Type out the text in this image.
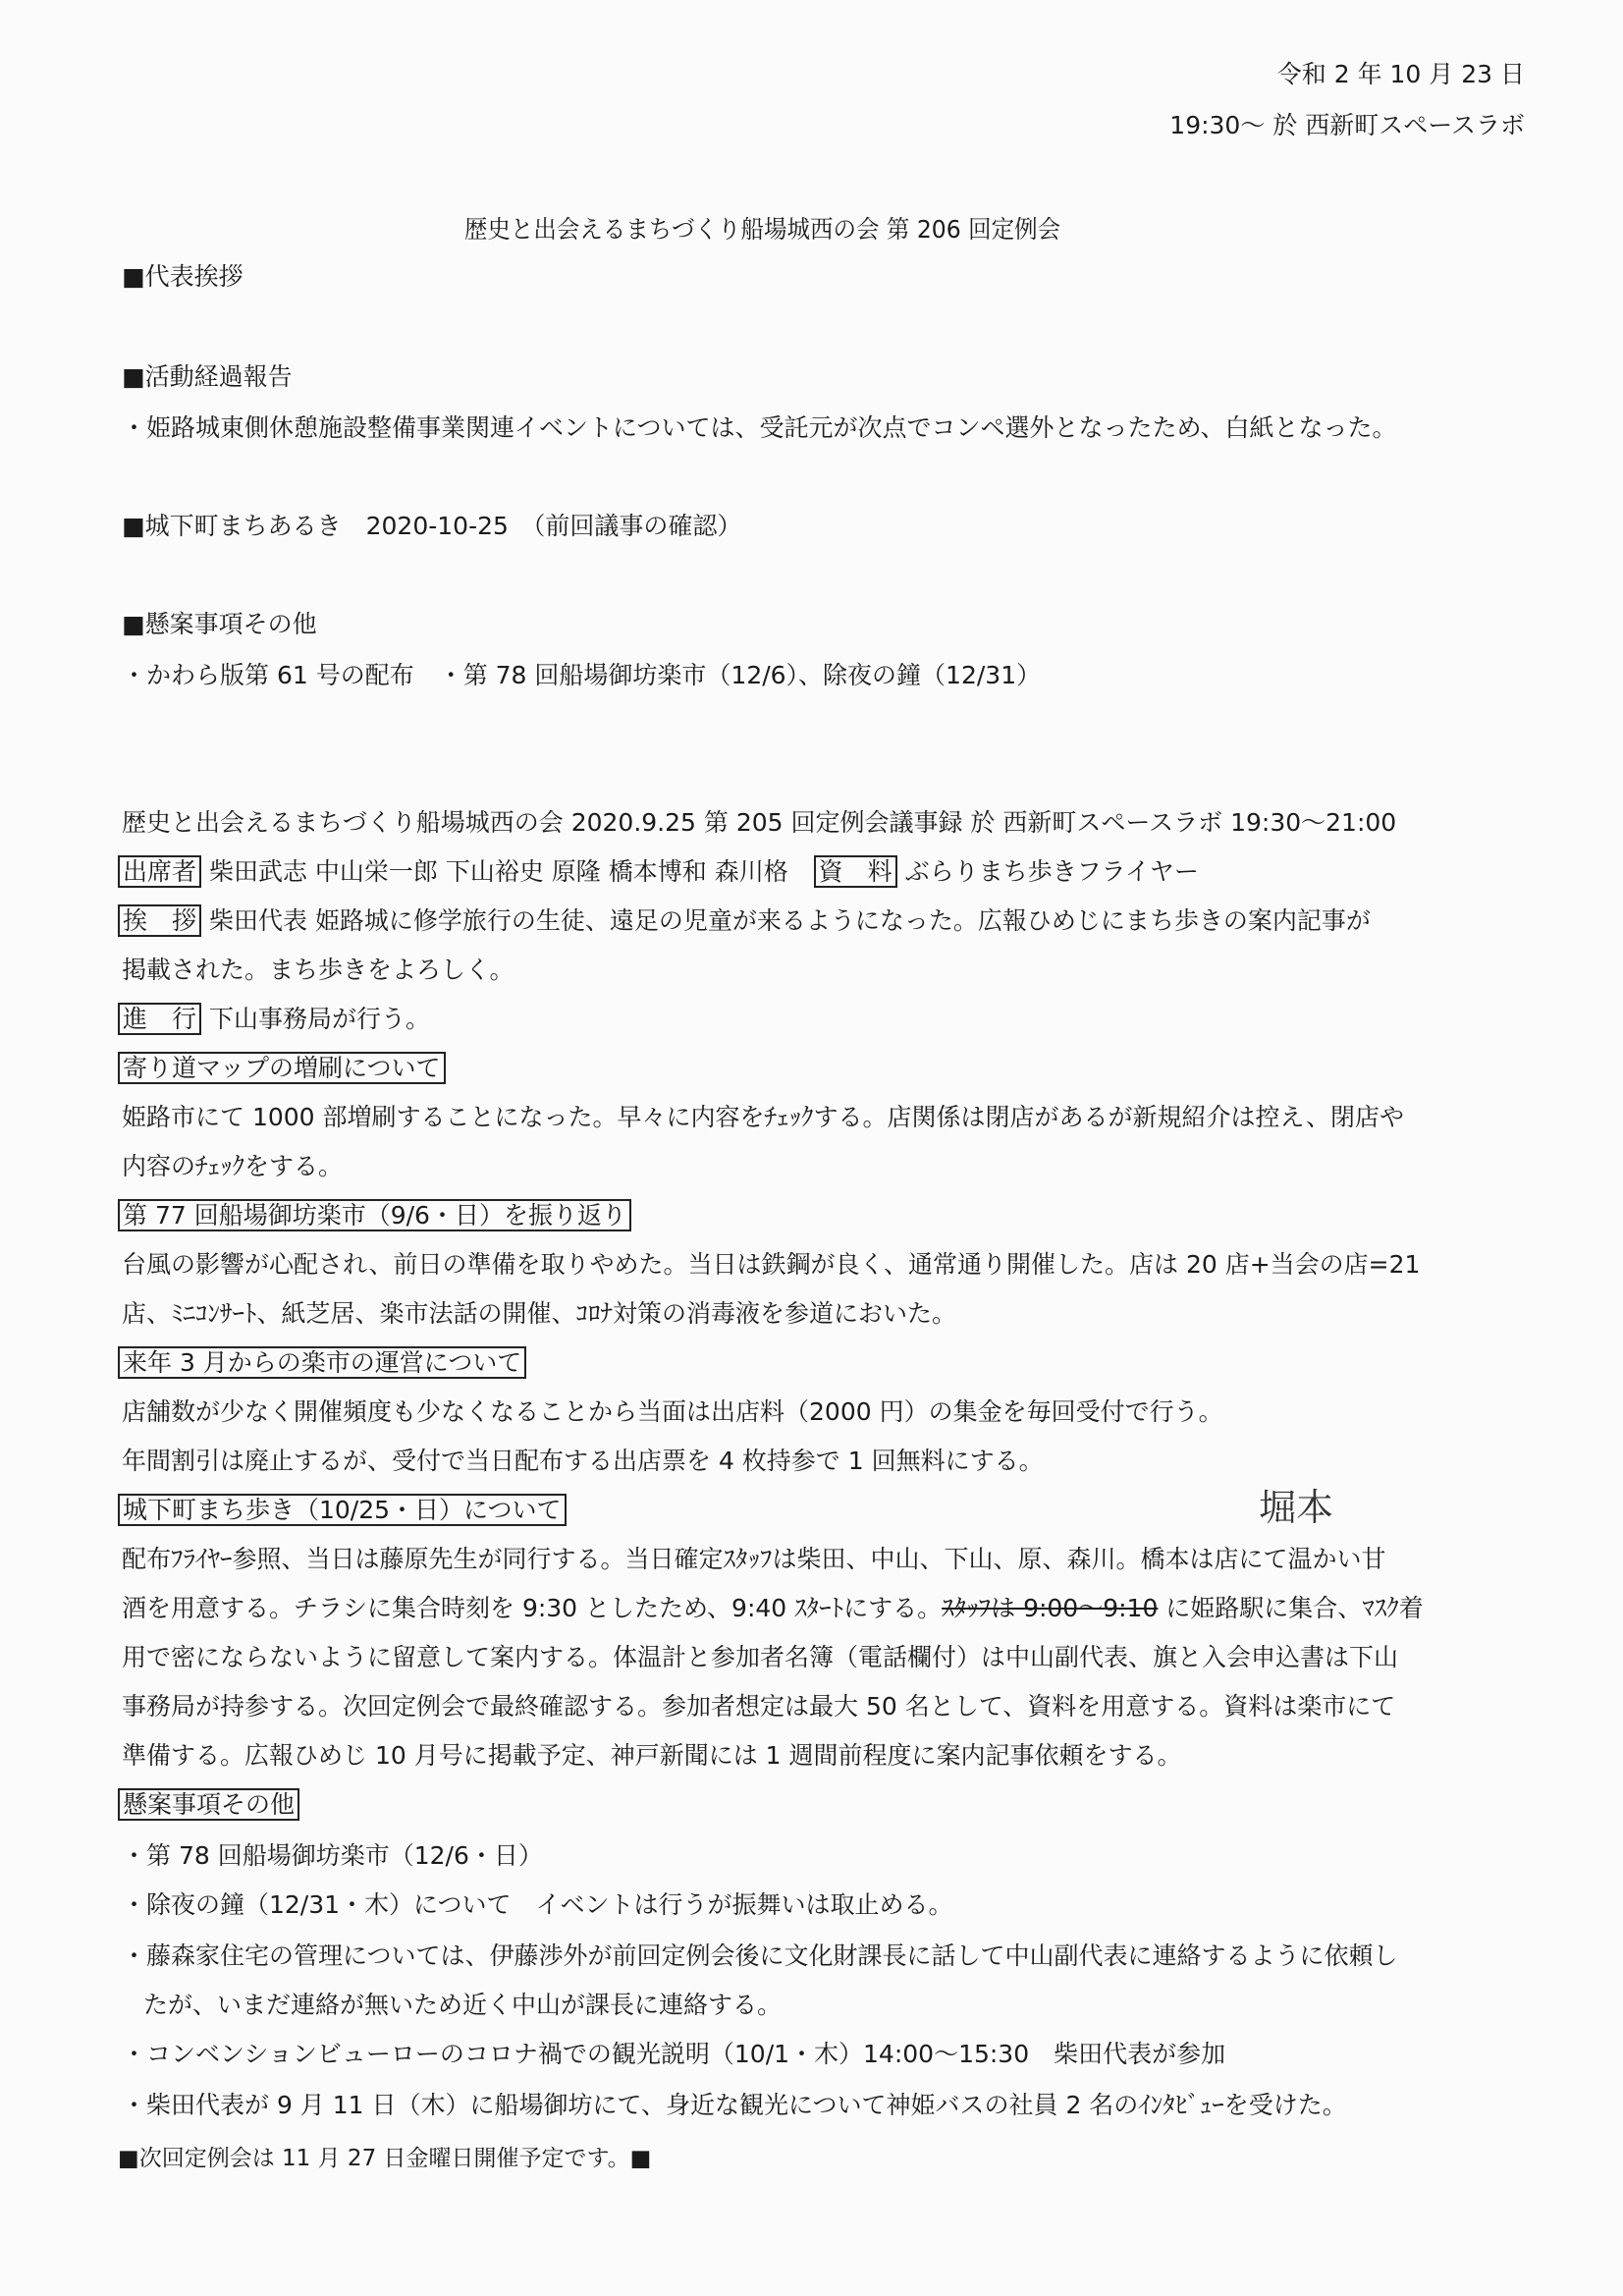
令和 2 年 10 月 23 日
19:30～ 於 西新町スペースラボ
歴史と出会えるまちづくり船場城西の会 第 206 回定例会
■代表挨拶
■活動経過報告
・姫路城東側休憩施設整備事業関連イベントについては、受託元が次点でコンペ選外となったため、白紙となった。
■城下町まちあるき　2020-10-25　（前回議事の確認）
■懸案事項その他
・かわら版第 61 号の配布　・第 78 回船場御坊楽市（12/6）、除夜の鐘（12/31）
歴史と出会えるまちづくり船場城西の会 2020.9.25 第 205 回定例会議事録 於 西新町スペースラボ 19:30～21:00
出席者 柴田武志 中山栄一郎 下山裕史 原隆 橋本博和 森川格 資　料 ぶらりまち歩きフライヤー
挨　拶 柴田代表 姫路城に修学旅行の生徒、遠足の児童が来るようになった。広報ひめじにまち歩きの案内記事が
掲載された。まち歩きをよろしく。
進　行 下山事務局が行う。
寄り道マップの増刷について
姫路市にて 1000 部増刷することになった。早々に内容をﾁｪｯｸする。店関係は閉店があるが新規紹介は控え、閉店や
内容のﾁｪｯｸをする。
第 77 回船場御坊楽市（9/6・日）を振り返り
台風の影響が心配され、前日の準備を取りやめた。当日は鉄鋼が良く、通常通り開催した。店は 20 店+当会の店=21
店、ﾐﾆｺﾝｻｰﾄ、紙芝居、楽市法話の開催、ｺﾛﾅ対策の消毒液を参道においた。
来年 3 月からの楽市の運営について
店舗数が少なく開催頻度も少なくなることから当面は出店料（2000 円）の集金を毎回受付で行う。
年間割引は廃止するが、受付で当日配布する出店票を 4 枚持参で 1 回無料にする。
城下町まち歩き（10/25・日）について	堀本
配布ﾌﾗｲﾔｰ参照、当日は藤原先生が同行する。当日確定ｽﾀｯﾌは柴田、中山、下山、原、森川。橋本は店にて温かい甘
酒を用意する。チラシに集合時刻を 9:30 としたため、9:40 ｽﾀｰﾄにする。ｽﾀｯﾌは 9:00～9:10 に姫路駅に集合、ﾏｽｸ着
用で密にならないように留意して案内する。体温計と参加者名簿（電話欄付）は中山副代表、旗と入会申込書は下山
事務局が持参する。次回定例会で最終確認する。参加者想定は最大 50 名として、資料を用意する。資料は楽市にて
準備する。広報ひめじ 10 月号に掲載予定、神戸新聞には 1 週間前程度に案内記事依頼をする。
懸案事項その他
・第 78 回船場御坊楽市（12/6・日）
・除夜の鐘（12/31・木）について　イベントは行うが振舞いは取止める。
・藤森家住宅の管理については、伊藤渉外が前回定例会後に文化財課長に話して中山副代表に連絡するように依頼し
たが、いまだ連絡が無いため近く中山が課長に連絡する。
・コンベンションビューローのコロナ禍での観光説明（10/1・木）14:00～15:30　柴田代表が参加
・柴田代表が 9 月 11 日（木）に船場御坊にて、身近な観光について神姫バスの社員 2 名のｲﾝﾀﾋﾞｭｰを受けた。
■次回定例会は 11 月 27 日金曜日開催予定です。■
